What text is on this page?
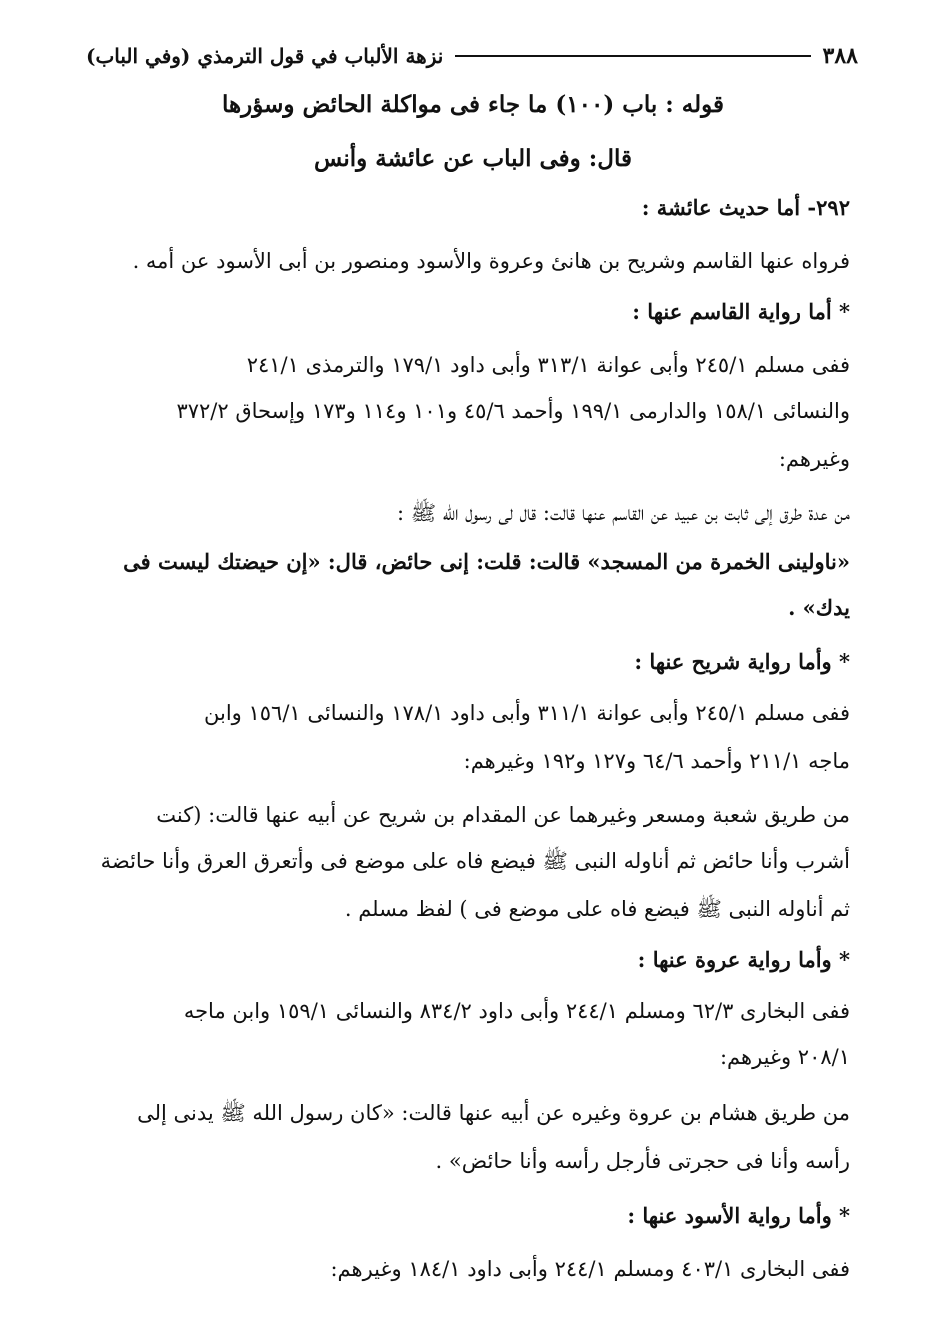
٣٨٨
نزهة الألباب في قول الترمذي (وفي الباب)
قوله : باب (١٠٠) ما جاء فى مواكلة الحائض وسؤرها
قال: وفى الباب عن عائشة وأنس
٢٩٢- أما حديث عائشة :
فرواه عنها القاسم وشريح بن هانئ وعروة والأسود ومنصور بن أبى الأسود عن أمه .
* أما رواية القاسم عنها :
ففى مسلم ٢٤٥/١ وأبى عوانة ٣١٣/١ وأبى داود ١٧٩/١ والترمذى ٢٤١/١
والنسائى ١٥٨/١ والدارمى ١٩٩/١ وأحمد ٤٥/٦ و١٠١ و١١٤ و١٧٣ وإسحاق ٣٧٢/٢
وغيرهم:
من عدة طرق إلى ثابت بن عبيد عن القاسم عنها قالت: قال لى رسول الله ﷺ :
«ناولينى الخمرة من المسجد» قالت: قلت: إنى حائض، قال: «إن حيضتك ليست فى
يدك» .
* وأما رواية شريح عنها :
ففى مسلم ٢٤٥/١ وأبى عوانة ٣١١/١ وأبى داود ١٧٨/١ والنسائى ١٥٦/١ وابن
ماجه ٢١١/١ وأحمد ٦٤/٦ و١٢٧ و١٩٢ وغيرهم:
من طريق شعبة ومسعر وغيرهما عن المقدام بن شريح عن أبيه عنها قالت: (كنت
أشرب وأنا حائض ثم أناوله النبى ﷺ فيضع فاه على موضع فى وأتعرق العرق وأنا حائضة
ثم أناوله النبى ﷺ فيضع فاه على موضع فى ) لفظ مسلم .
* وأما رواية عروة عنها :
ففى البخارى ٦٢/٣ ومسلم ٢٤٤/١ وأبى داود ٨٣٤/٢ والنسائى ١٥٩/١ وابن ماجه
٢٠٨/١ وغيرهم:
من طريق هشام بن عروة وغيره عن أبيه عنها قالت: «كان رسول الله ﷺ يدنى إلى
رأسه وأنا فى حجرتى فأرجل رأسه وأنا حائض» .
* وأما رواية الأسود عنها :
ففى البخارى ٤٠٣/١ ومسلم ٢٤٤/١ وأبى داود ١٨٤/١ وغيرهم:
